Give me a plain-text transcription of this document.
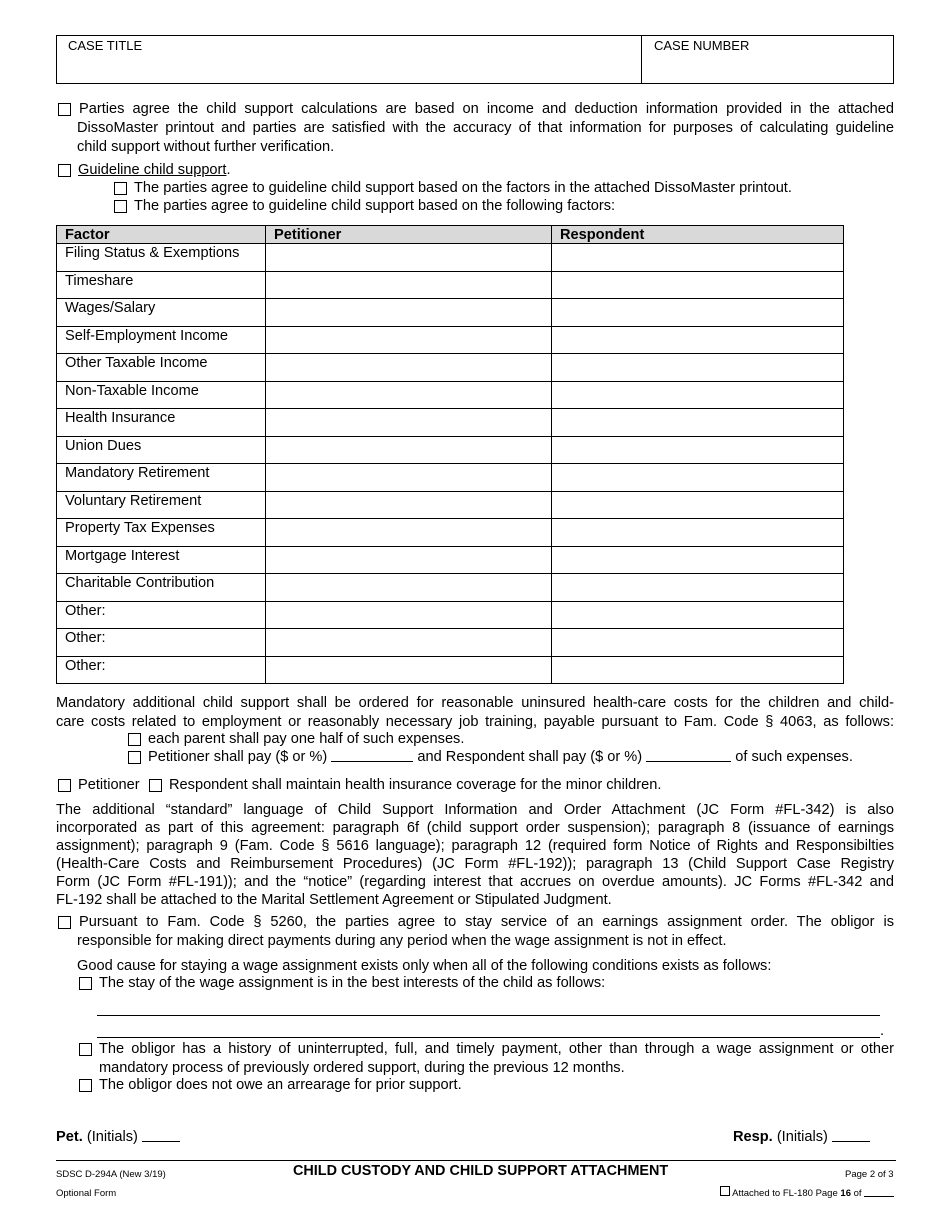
CASE TITLE	CASE NUMBER
Parties agree the child support calculations are based on income and deduction information provided in the attached
DissoMaster printout and parties are satisfied with the accuracy of that information for purposes of calculating guideline
child support without further verification.
Guideline child support.
The parties agree to guideline child support based on the factors in the attached DissoMaster printout.
The parties agree to guideline child support based on the following factors:
Factor	Petitioner	Respondent
Filing Status & Exemptions		
Timeshare		
Wages/Salary		
Self-Employment Income		
Other Taxable Income		
Non-Taxable Income		
Health Insurance		
Union Dues		
Mandatory Retirement		
Voluntary Retirement		
Property Tax Expenses		
Mortgage Interest		
Charitable Contribution		
Other:		
Other:		
Other:		
Mandatory additional child support shall be ordered for reasonable uninsured health-care costs for the children and child-
care costs related to employment or reasonably necessary job training, payable pursuant to Fam. Code § 4063, as follows:
each parent shall pay one half of such expenses.
Petitioner shall pay ($ or %)	and Respondent shall pay ($ or %)	of such expenses.
Petitioner Respondent shall maintain health insurance coverage for the minor children.
The additional “standard” language of Child Support Information and Order Attachment (JC Form #FL-342) is also
incorporated as part of this agreement: paragraph 6f (child support order suspension); paragraph 8 (issuance of earnings
assignment); paragraph 9 (Fam. Code § 5616 language); paragraph 12 (required form Notice of Rights and Responsibilties
(Health-Care Costs and Reimbursement Procedures) (JC Form #FL-192)); paragraph 13 (Child Support Case Registry
Form (JC Form #FL-191)); and the “notice” (regarding interest that accrues on overdue amounts). JC Forms #FL-342 and
FL-192 shall be attached to the Marital Settlement Agreement or Stipulated Judgment.
Pursuant to Fam. Code § 5260, the parties agree to stay service of an earnings assignment order. The obligor is
responsible for making direct payments during any period when the wage assignment is not in effect.
Good cause for staying a wage assignment exists only when all of the following conditions exists as follows:
The stay of the wage assignment is in the best interests of the child as follows:
.
The obligor has a history of uninterrupted, full, and timely payment, other than through a wage assignment or other
mandatory process of previously ordered support, during the previous 12 months.
The obligor does not owe an arrearage for prior support.
Pet. (Initials)	Resp. (Initials)
SDSC D-294A (New 3/19)
Optional Form
CHILD CUSTODY AND CHILD SUPPORT ATTACHMENT	Page 2 of 3
Attached to FL-180 Page 16 of
